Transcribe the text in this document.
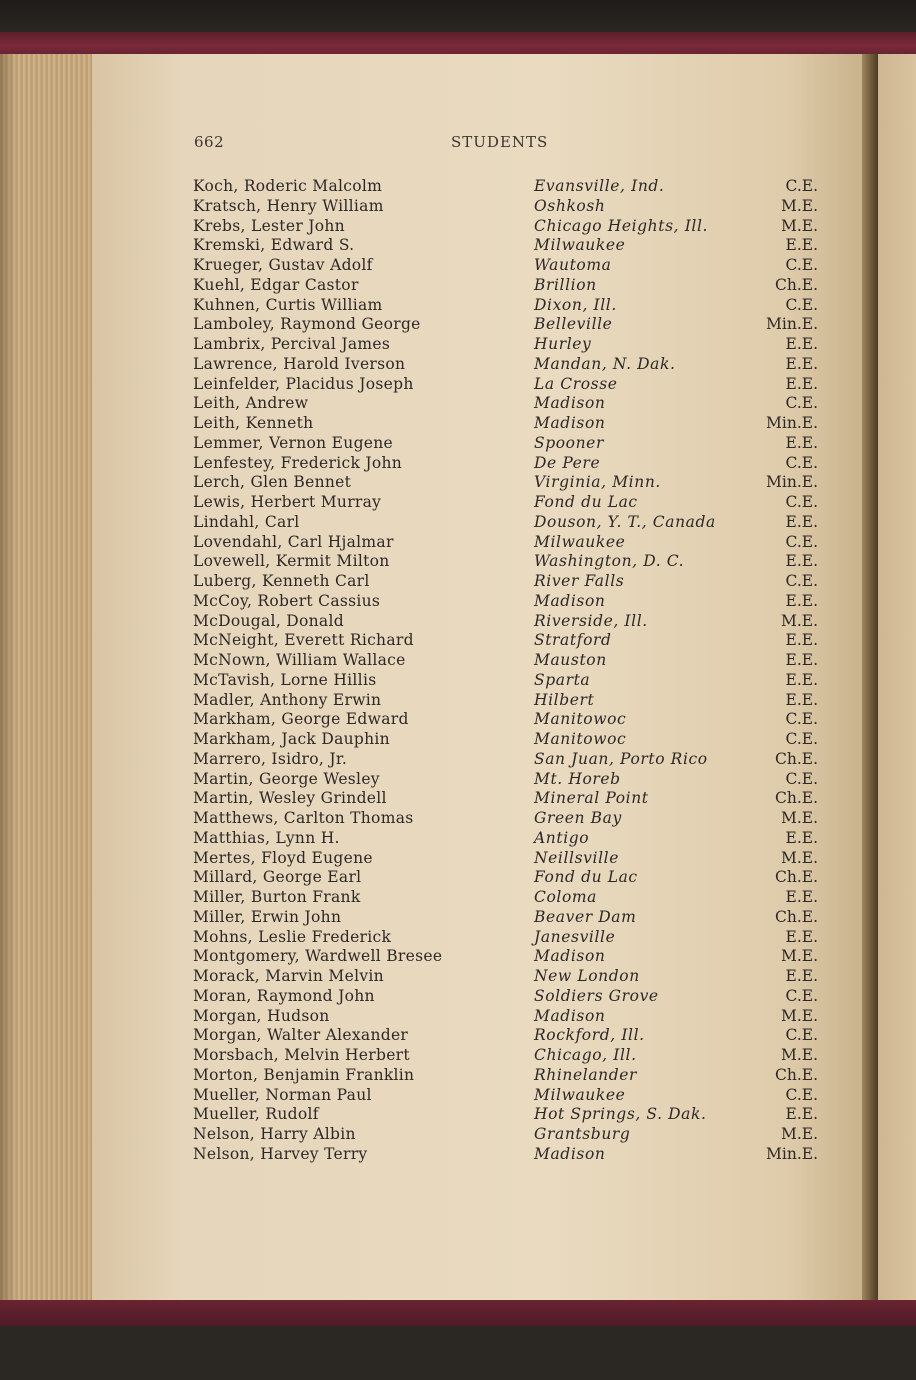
662	STUDENTS
Koch, Roderic Malcolm	Evansville, Ind.	C.E.
Kratsch, Henry William	Oshkosh	M.E.
Krebs, Lester John	Chicago Heights, Ill.	M.E.
Kremski, Edward S.	Milwaukee	E.E.
Krueger, Gustav Adolf	Wautoma	C.E.
Kuehl, Edgar Castor	Brillion	Ch.E.
Kuhnen, Curtis William	Dixon, Ill.	C.E.
Lamboley, Raymond George	Belleville	Min.E.
Lambrix, Percival James	Hurley	E.E.
Lawrence, Harold Iverson	Mandan, N. Dak.	E.E.
Leinfelder, Placidus Joseph	La Crosse	E.E.
Leith, Andrew	Madison	C.E.
Leith, Kenneth	Madison	Min.E.
Lemmer, Vernon Eugene	Spooner	E.E.
Lenfestey, Frederick John	De Pere	C.E.
Lerch, Glen Bennet	Virginia, Minn.	Min.E.
Lewis, Herbert Murray	Fond du Lac	C.E.
Lindahl, Carl	Douson, Y. T., Canada	E.E.
Lovendahl, Carl Hjalmar	Milwaukee	C.E.
Lovewell, Kermit Milton	Washington, D. C.	E.E.
Luberg, Kenneth Carl	River Falls	C.E.
McCoy, Robert Cassius	Madison	E.E.
McDougal, Donald	Riverside, Ill.	M.E.
McNeight, Everett Richard	Stratford	E.E.
McNown, William Wallace	Mauston	E.E.
McTavish, Lorne Hillis	Sparta	E.E.
Madler, Anthony Erwin	Hilbert	E.E.
Markham, George Edward	Manitowoc	C.E.
Markham, Jack Dauphin	Manitowoc	C.E.
Marrero, Isidro, Jr.	San Juan, Porto Rico	Ch.E.
Martin, George Wesley	Mt. Horeb	C.E.
Martin, Wesley Grindell	Mineral Point	Ch.E.
Matthews, Carlton Thomas	Green Bay	M.E.
Matthias, Lynn H.	Antigo	E.E.
Mertes, Floyd Eugene	Neillsville	M.E.
Millard, George Earl	Fond du Lac	Ch.E.
Miller, Burton Frank	Coloma	E.E.
Miller, Erwin John	Beaver Dam	Ch.E.
Mohns, Leslie Frederick	Janesville	E.E.
Montgomery, Wardwell Bresee	Madison	M.E.
Morack, Marvin Melvin	New London	E.E.
Moran, Raymond John	Soldiers Grove	C.E.
Morgan, Hudson	Madison	M.E.
Morgan, Walter Alexander	Rockford, Ill.	C.E.
Morsbach, Melvin Herbert	Chicago, Ill.	M.E.
Morton, Benjamin Franklin	Rhinelander	Ch.E.
Mueller, Norman Paul	Milwaukee	C.E.
Mueller, Rudolf	Hot Springs, S. Dak.	E.E.
Nelson, Harry Albin	Grantsburg	M.E.
Nelson, Harvey Terry	Madison	Min.E.
